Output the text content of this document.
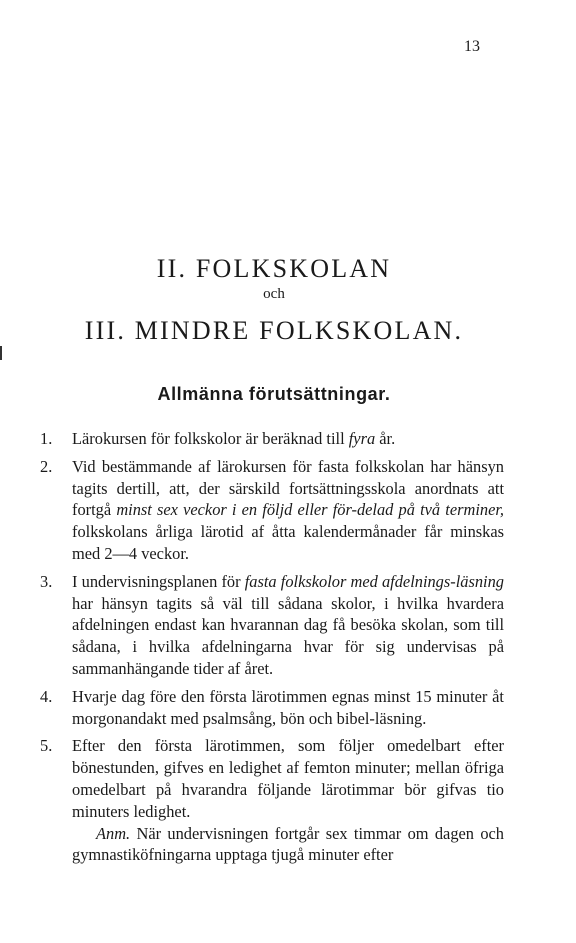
13
II. FOLKSKOLAN
och
III. MINDRE FOLKSKOLAN.
Allmänna förutsättningar.
1. Lärokursen för folkskolor är beräknad till fyra år.
2. Vid bestämmande af lärokursen för fasta folkskolan har hänsyn tagits dertill, att, der särskild fortsättningsskola anordnats att fortgå minst sex veckor i en följd eller för-delad på två terminer, folkskolans årliga lärotid af åtta kalendermånader får minskas med 2—4 veckor.
3. I undervisningsplanen för fasta folkskolor med afdelnings-läsning har hänsyn tagits så väl till sådana skolor, i hvilka hvardera afdelningen endast kan hvarannan dag få besöka skolan, som till sådana, i hvilka afdelningarna hvar för sig undervisas på sammanhängande tider af året.
4. Hvarje dag före den första lärotimmen egnas minst 15 minuter åt morgonandakt med psalmsång, bön och bibel-läsning.
5. Efter den första lärotimmen, som följer omedelbart efter bönestunden, gifves en ledighet af femton minuter; mellan öfriga omedelbart på hvarandra följande lärotimmar bör gifvas tio minuters ledighet.
Anm. När undervisningen fortgår sex timmar om dagen och gymnastiköfningarna upptaga tjugå minuter efter
